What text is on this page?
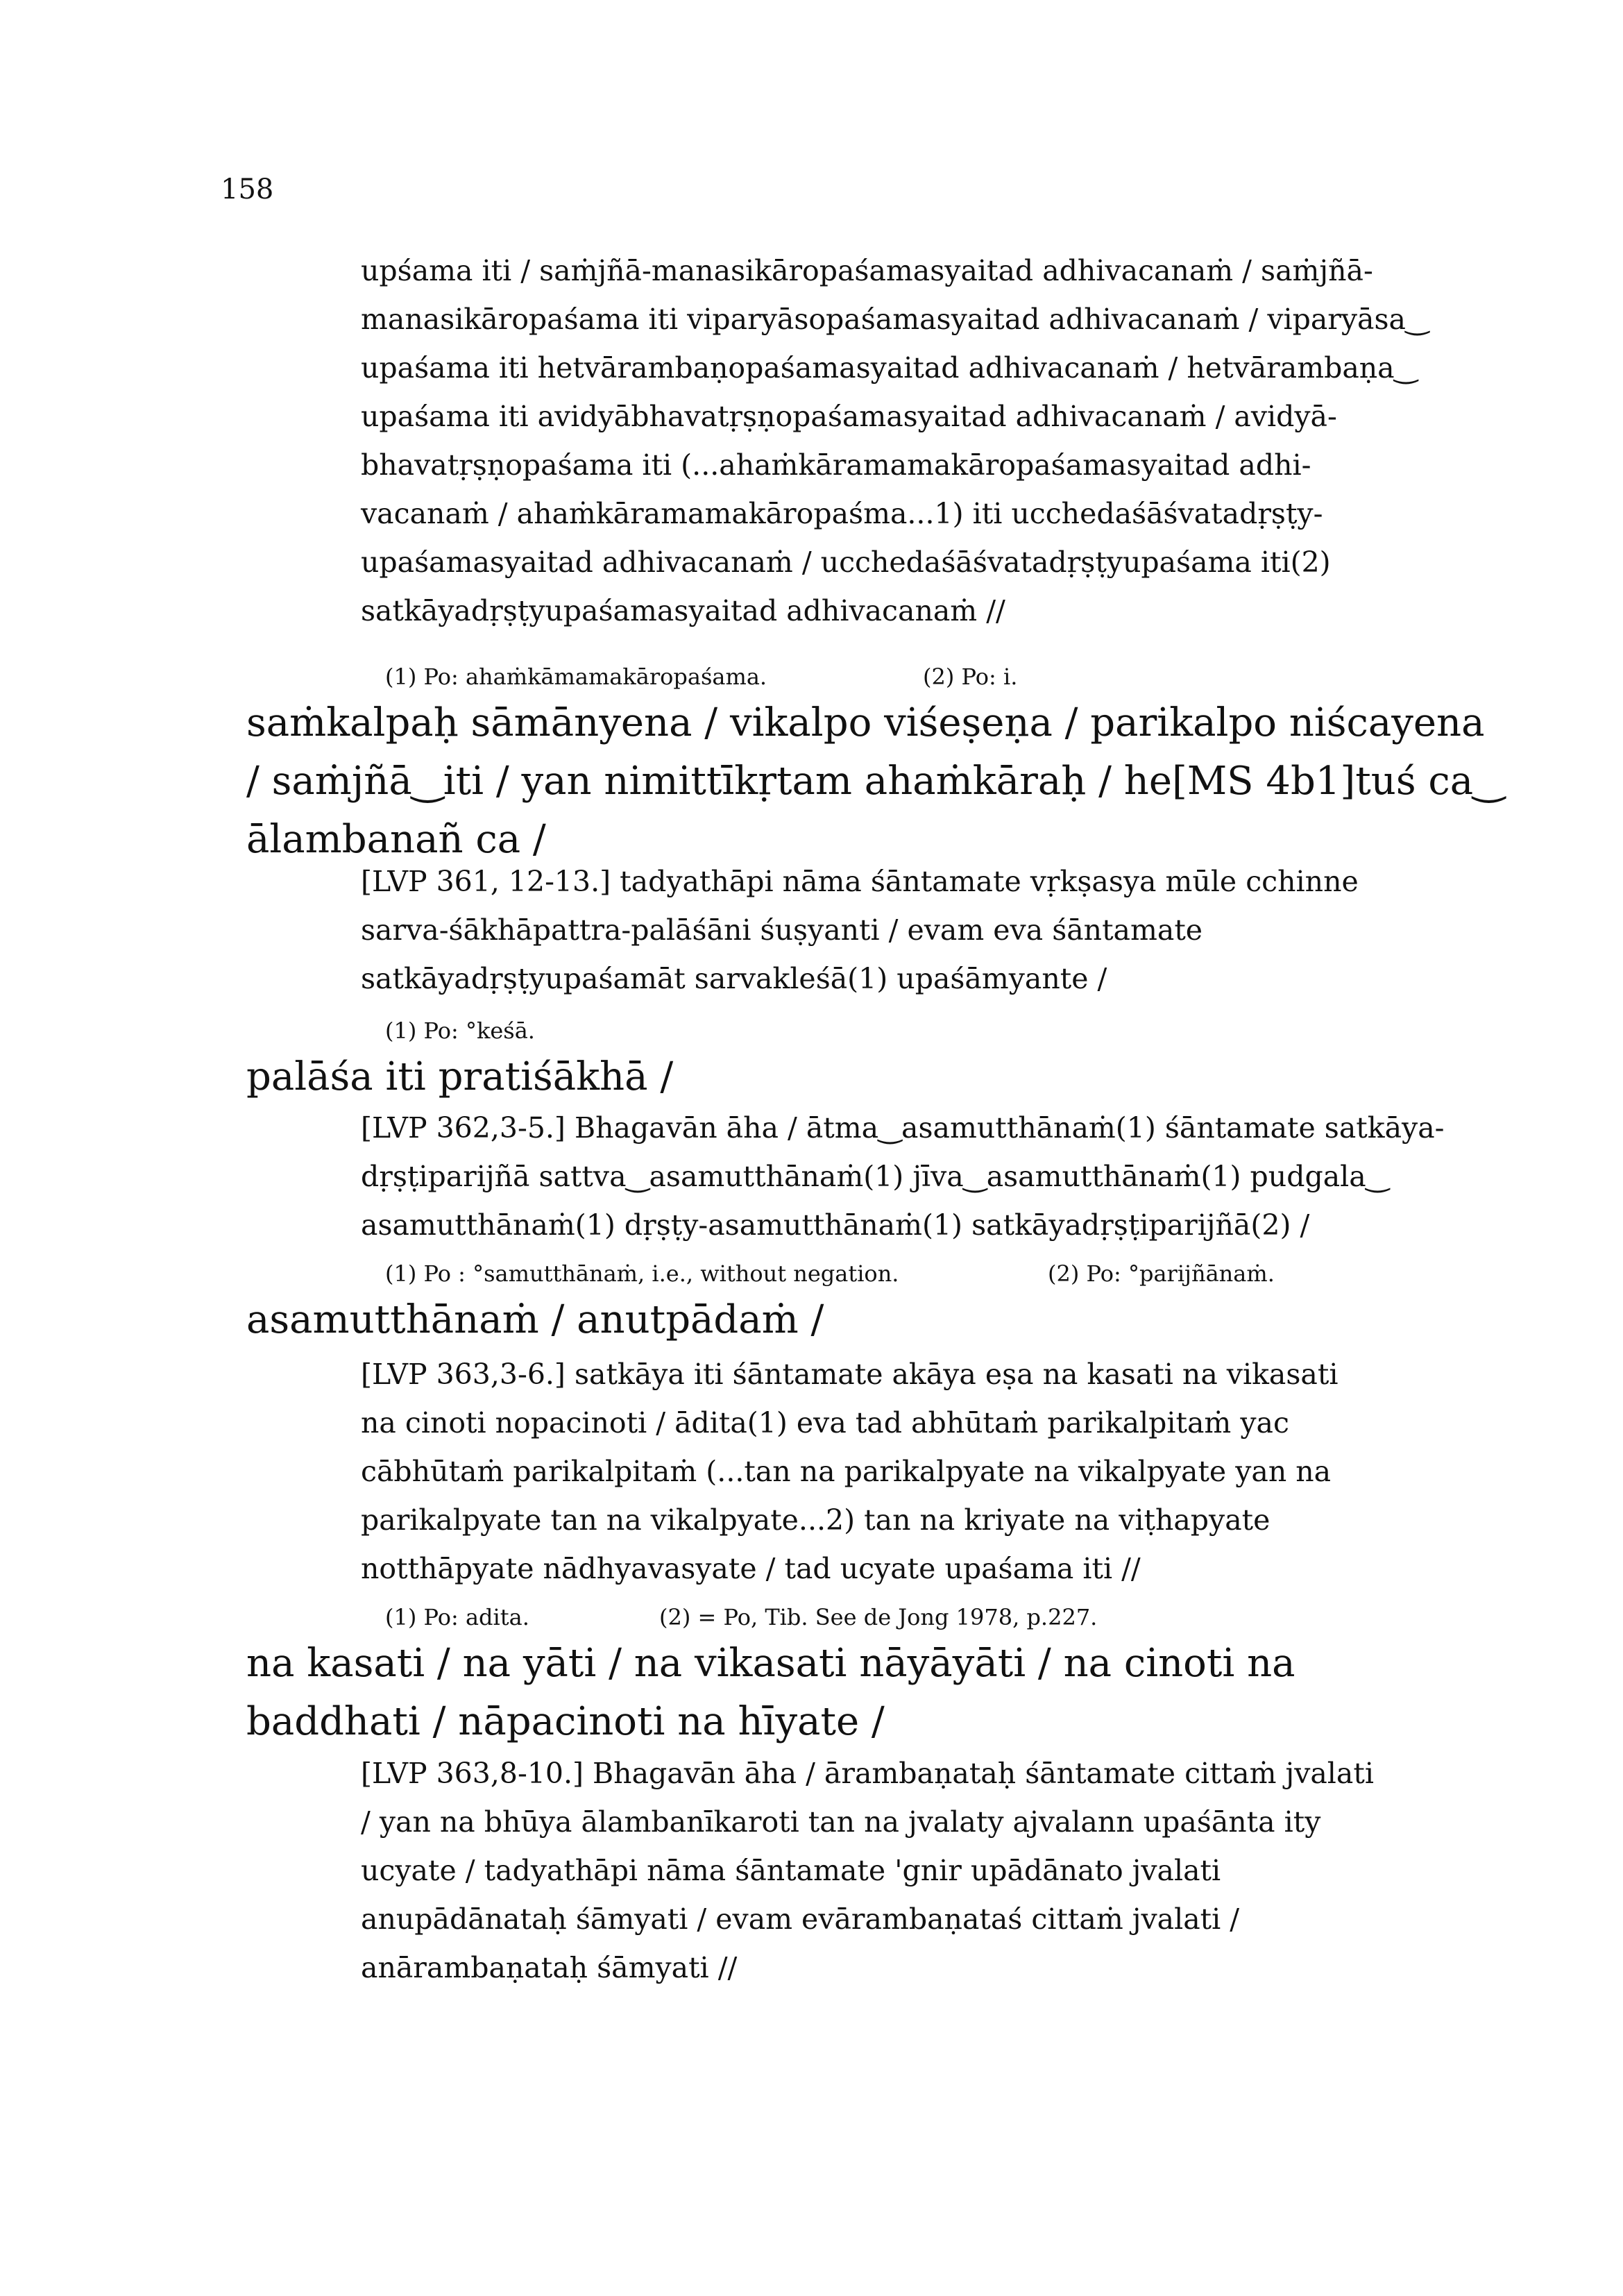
158
upśama iti / saṁjñā-manasikāropaśamasyaitad adhivacanaṁ / saṁjñā-
manasikāropaśama iti viparyāsopaśamasyaitad adhivacanaṁ / viparyāsa‿
upaśama iti hetvārambaṇopaśamasyaitad adhivacanaṁ / hetvārambaṇa‿
upaśama iti avidyābhavatṛṣṇopaśamasyaitad adhivacanaṁ / avidyā-
bhavatṛṣṇopaśama iti (...ahaṁkāramamakāropaśamasyaitad adhi-
vacanaṁ / ahaṁkāramamakāropaśma...1) iti ucchedaśāśvatadṛṣṭy-
upaśamasyaitad adhivacanaṁ / ucchedaśāśvatadṛṣṭyupaśama iti(2)
satkāyadṛṣṭyupaśamasyaitad adhivacanaṁ //
(1) Po: ahaṁkāmamakāropaśama.	(2) Po: i.
saṁkalpaḥ sāmānyena / vikalpo viśeṣeṇa / parikalpo niścayena
/ saṁjñā‿iti / yan nimittīkṛtam ahaṁkāraḥ / he[MS 4b1]tuś ca‿
ālambanañ ca /
[LVP 361, 12-13.] tadyathāpi nāma śāntamate vṛkṣasya mūle cchinne
sarva-śākhāpattra-palāśāni śuṣyanti / evam eva śāntamate
satkāyadṛṣṭyupaśamāt sarvakleśā(1) upaśāmyante /
(1) Po: °keśā.
palāśa iti pratiśākhā /
[LVP 362,3-5.] Bhagavān āha / ātma‿asamutthānaṁ(1) śāntamate satkāya-
dṛṣṭiparijñā sattva‿asamutthānaṁ(1) jīva‿asamutthānaṁ(1) pudgala‿
asamutthānaṁ(1) dṛṣṭy-asamutthānaṁ(1) satkāyadṛṣṭiparijñā(2) /
(1) Po : °samutthānaṁ, i.e., without negation.	(2) Po: °parijñānaṁ.
asamutthānaṁ / anutpādaṁ /
[LVP 363,3-6.] satkāya iti śāntamate akāya eṣa na kasati na vikasati
na cinoti nopacinoti / ādita(1) eva tad abhūtaṁ parikalpitaṁ yac
cābhūtaṁ parikalpitaṁ (...tan na parikalpyate na vikalpyate yan na
parikalpyate tan na vikalpyate...2) tan na kriyate na viṭhapyate
notthāpyate nādhyavasyate / tad ucyate upaśama iti //
(1) Po: adita.	(2) = Po, Tib. See de Jong 1978, p.227.
na kasati / na yāti / na vikasati nāyāyāti / na cinoti na
baddhati / nāpacinoti na hīyate /
[LVP 363,8-10.] Bhagavān āha / ārambaṇataḥ śāntamate cittaṁ jvalati
/ yan na bhūya ālambanīkaroti tan na jvalaty ajvalann upaśānta ity
ucyate / tadyathāpi nāma śāntamate 'gnir upādānato jvalati
anupādānataḥ śāmyati / evam evārambaṇataś cittaṁ jvalati /
anārambaṇataḥ śāmyati //
